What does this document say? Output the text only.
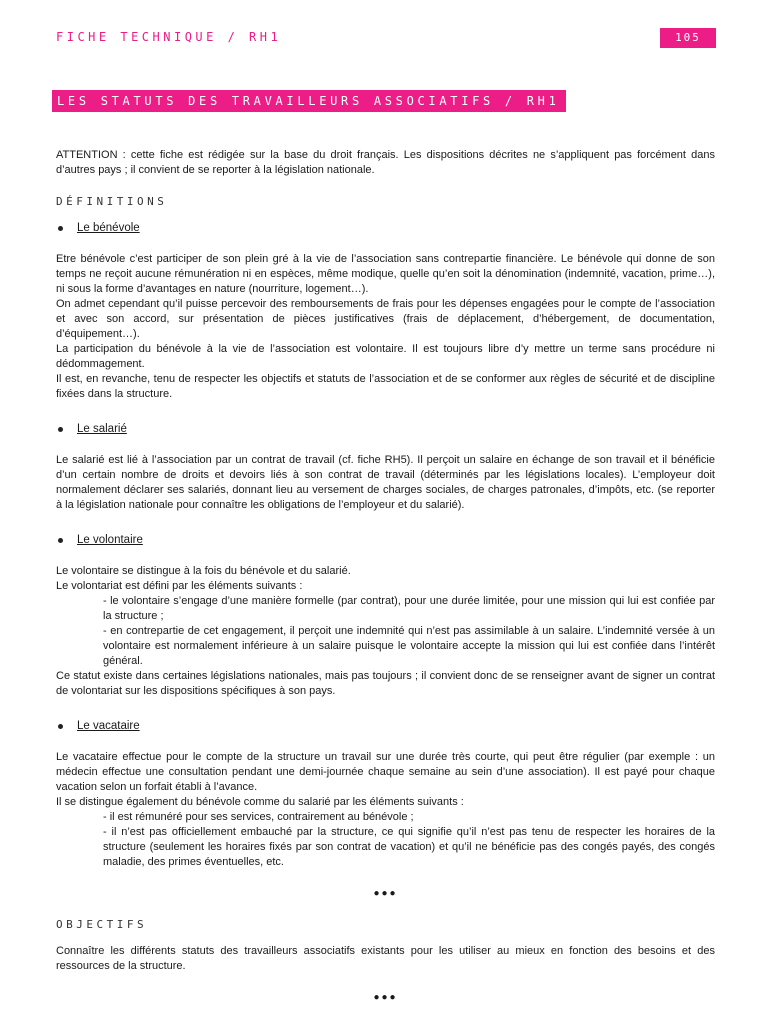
FICHE TECHNIQUE / RH1	105
LES STATUTS DES TRAVAILLEURS ASSOCIATIFS / RH1

ATTENTION : cette fiche est rédigée sur la base du droit français. Les dispositions décrites ne s’appliquent pas forcément dans d’autres pays ; il convient de se reporter à la législation nationale.

DÉFINITIONS
Le bénévole

Etre bénévole c’est participer de son plein gré à la vie de l’association sans contrepartie financière. Le bénévole qui donne de son temps ne reçoit aucune rémunération ni en espèces, même modique, quelle qu’en soit la dénomination (indemnité, vacation, prime…), ni sous la forme d’avantages en nature (nourriture, logement…).

On admet cependant qu’il puisse percevoir des remboursements de frais pour les dépenses engagées pour le compte de l’association et avec son accord, sur présentation de pièces justificatives (frais de déplacement, d’hébergement, de documentation, d’équipement…).

La participation du bénévole à la vie de l’association est volontaire. Il est toujours libre d’y mettre un terme sans procédure ni dédommagement.

Il est, en revanche, tenu de respecter les objectifs et statuts de l’association et de se conformer aux règles de sécurité et de discipline fixées dans la structure.

Le salarié

Le salarié est lié à l’association par un contrat de travail (cf. fiche RH5). Il perçoit un salaire en échange de son travail et il bénéficie d’un certain nombre de droits et devoirs liés à son contrat de travail (déterminés par les législations locales). L’employeur doit normalement déclarer ses salariés, donnant lieu au versement de charges sociales, de charges patronales, d’impôts, etc. (se reporter à la législation nationale pour connaître les obligations de l’employeur et du salarié).

Le volontaire

Le volontaire se distingue à la fois du bénévole et du salarié.

Le volontariat est défini par les éléments suivants :

- le volontaire s’engage d’une manière formelle (par contrat), pour une durée limitée, pour une mission qui lui est confiée par la structure ;

- en contrepartie de cet engagement, il perçoit une indemnité qui n’est pas assimilable à un salaire. L’indemnité versée à un volontaire est normalement inférieure à un salaire puisque le volontaire accepte la mission qui lui est confiée dans l’intérêt général.

Ce statut existe dans certaines législations nationales, mais pas toujours ; il convient donc de se renseigner avant de signer un contrat de volontariat sur les dispositions spécifiques à son pays.

Le vacataire

Le vacataire effectue pour le compte de la structure un travail sur une durée très courte, qui peut être régulier (par exemple : un médecin effectue une consultation pendant une demi-journée chaque semaine au sein d’une association). Il est payé pour chaque vacation selon un forfait établi à l’avance.

Il se distingue également du bénévole comme du salarié par les éléments suivants :

- il est rémunéré pour ses services, contrairement au bénévole ;

- il n’est pas officiellement embauché par la structure, ce qui signifie qu’il n’est pas tenu de respecter les horaires de la structure (seulement les horaires fixés par son contrat de vacation) et qu’il ne bénéficie pas des congés payés, des congés maladie, des primes éventuelles, etc.

●●●
OBJECTIFS

Connaître les différents statuts des travailleurs associatifs existants pour les utiliser au mieux en fonction des besoins et des ressources de la structure.

●●●
